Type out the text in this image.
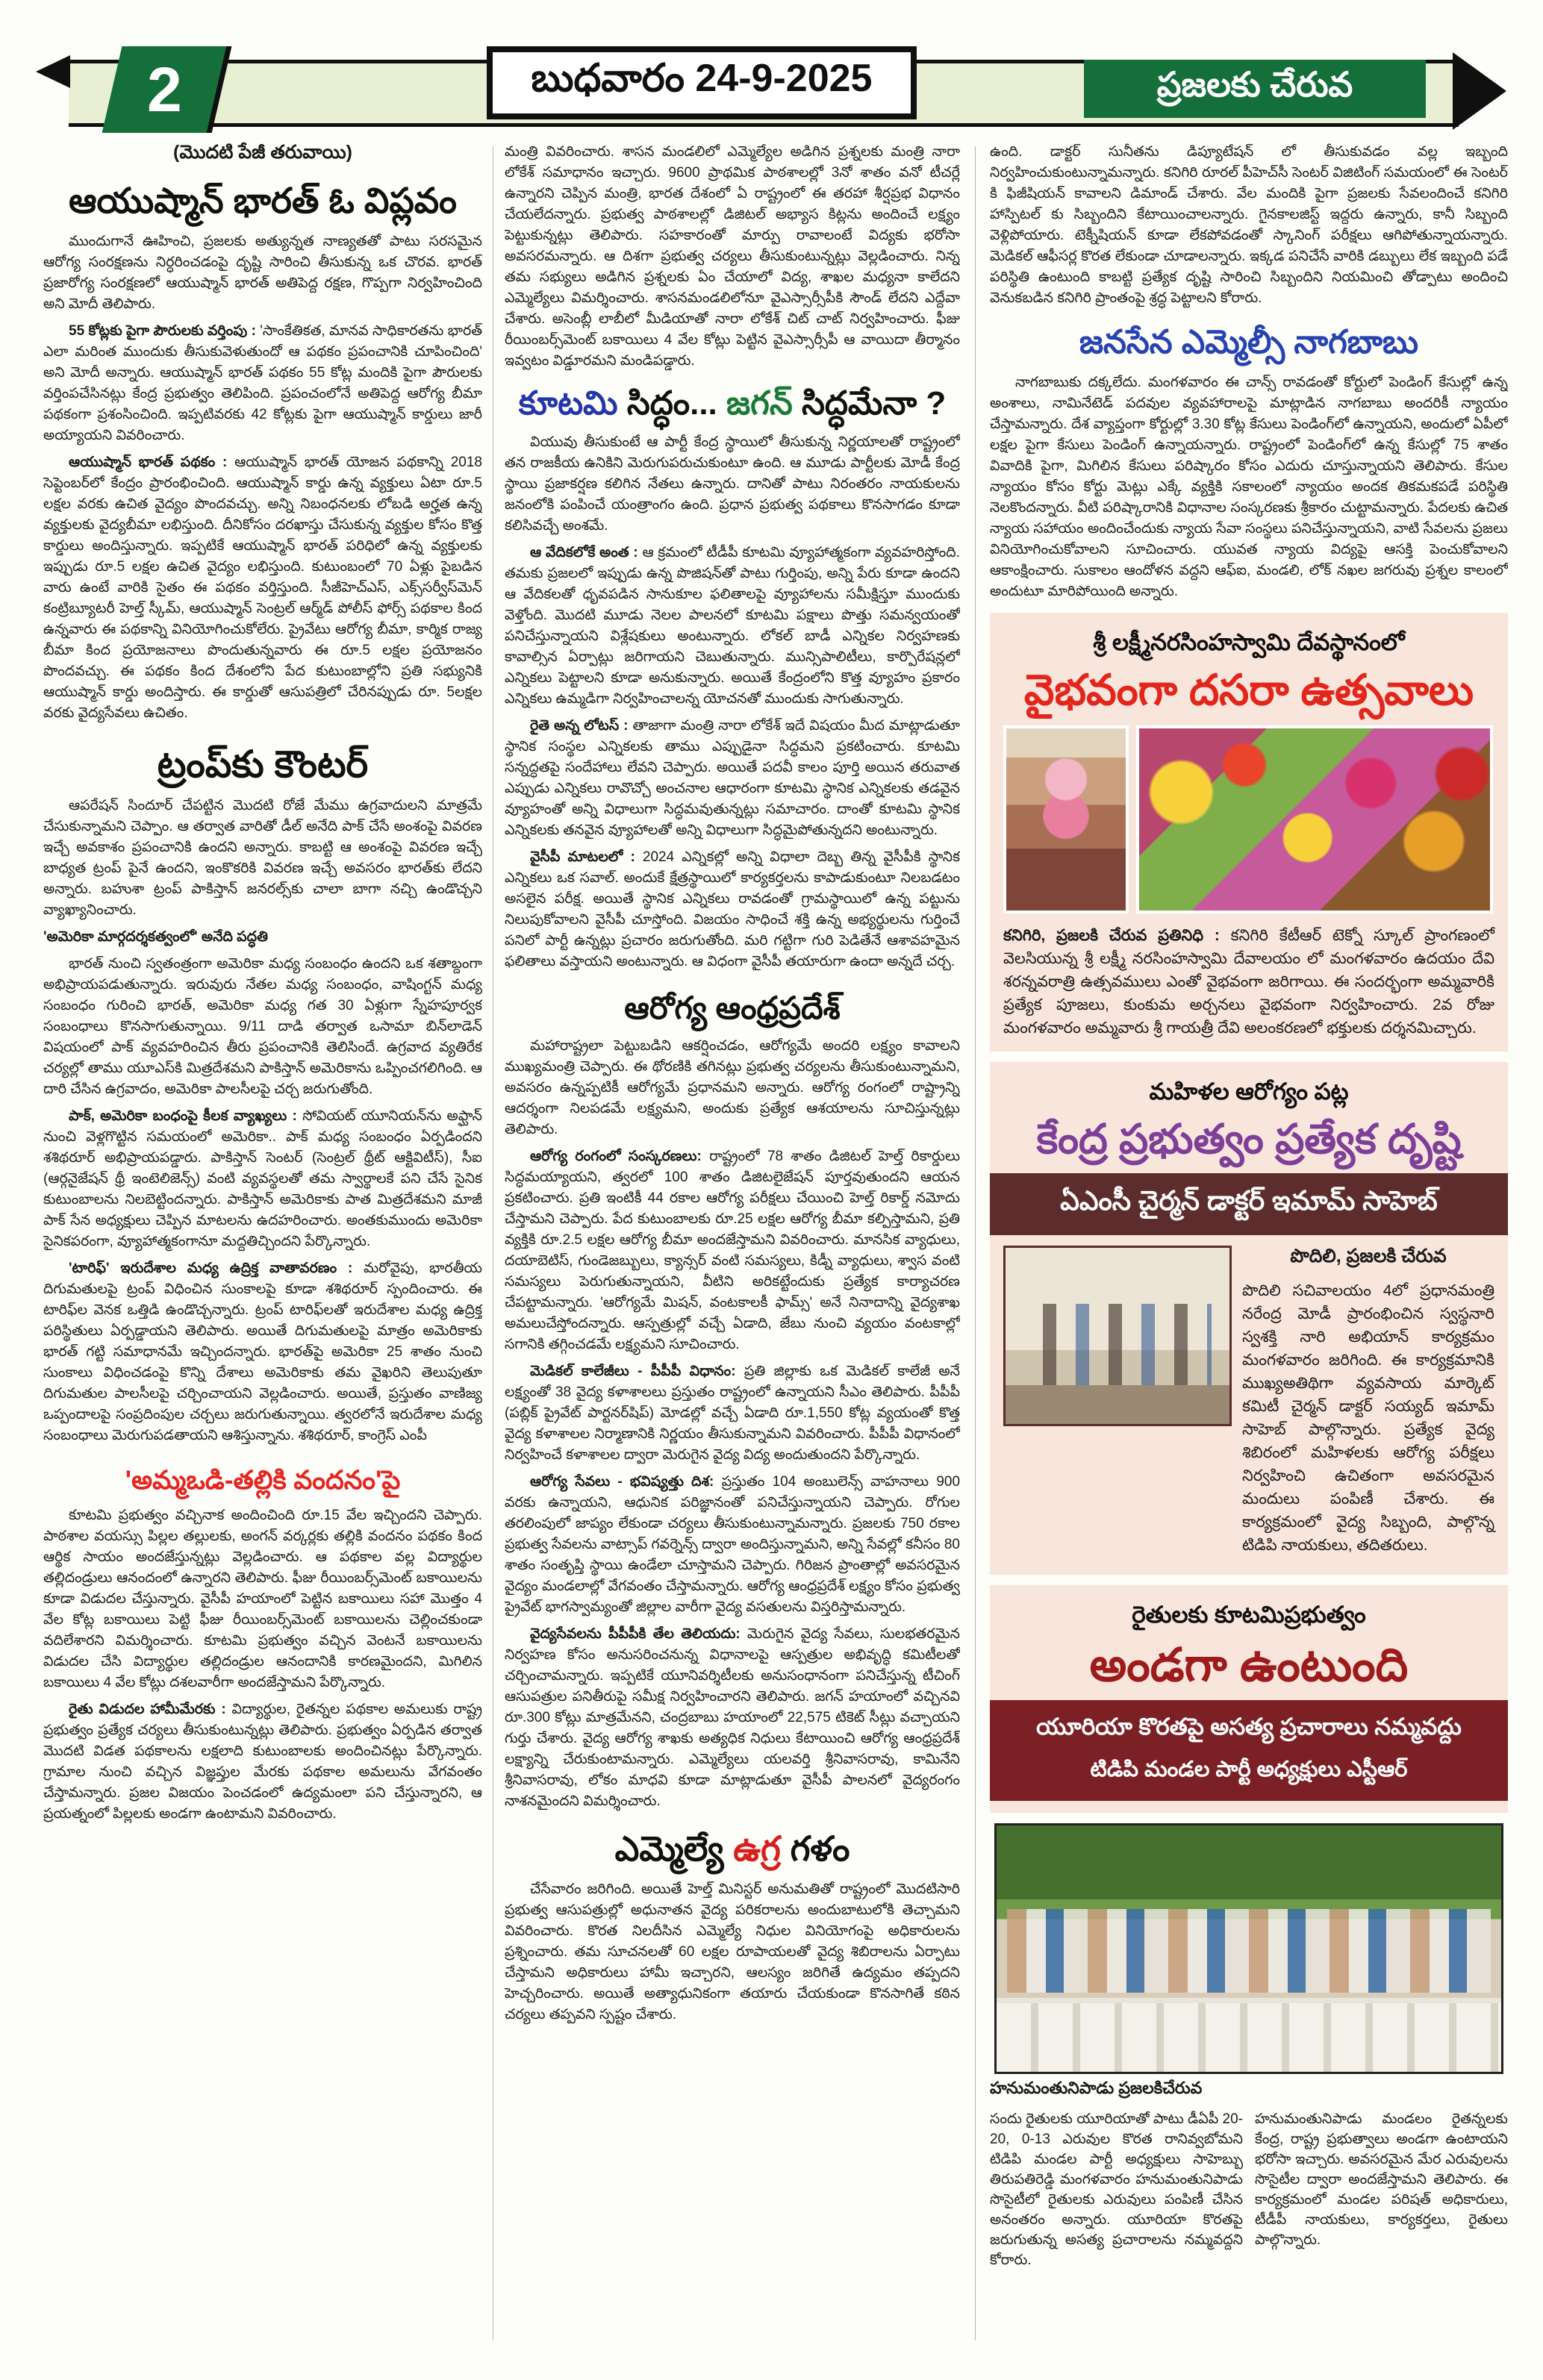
2	బుధవారం 24-9-2025	ప్రజలకు చేరువ

(మొదటి పేజీ తరువాయి)

ఆయుష్మాన్ భారత్ ఓ విప్లవం

ముందుగానే ఊహించి, ప్రజలకు అత్యున్నత నాణ్యతతో పాటు సరసమైన ఆరోగ్య సంరక్షణను నిర్ధరించడంపై దృష్టి సారించి తీసుకున్న ఒక చొరవ. భారత్ ప్రజారోగ్య సంరక్షణలో ఆయుష్మాన్ భారత్ అతిపెద్ద రక్షణ, గొప్పగా నిర్వహించింది అని మోదీ తెలిపారు.

55 కోట్లకు పైగా పౌరులకు వర్తింపు : 'సాంకేతికత, మానవ సాధికారతను భారత్ ఎలా మరింత ముందుకు తీసుకువెళుతుందో ఆ పథకం ప్రపంచానికి చూపించింది' అని మోదీ అన్నారు. ఆయుష్మాన్ భారత్ పథకం 55 కోట్ల మందికి పైగా పౌరులకు వర్తింపచేసినట్లు కేంద్ర ప్రభుత్వం తెలిపింది. ప్రపంచంలోనే అతిపెద్ద ఆరోగ్య బీమా పథకంగా ప్రశంసించింది. ఇప్పటివరకు 42 కోట్లకు పైగా ఆయుష్మాన్ కార్డులు జారీ అయ్యాయని వివరించారు.

ఆయుష్మాన్ భారత్ పథకం : ఆయుష్మాన్ భారత్ యోజన పథకాన్ని 2018 సెప్టెంబర్‌లో కేంద్రం ప్రారంభించింది. ఆయుష్మాన్ కార్డు ఉన్న వ్యక్తులు ఏటా రూ.5 లక్షల వరకు ఉచిత వైద్యం పొందవచ్చు. అన్ని నిబంధనలకు లోబడి అర్హత ఉన్న వ్యక్తులకు వైద్యబీమా లభిస్తుంది. దీనికోసం దరఖాస్తు చేసుకున్న వ్యక్తుల కోసం కొత్త కార్డులు అందిస్తున్నారు. ఇప్పటికే ఆయుష్మాన్ భారత్ పరిధిలో ఉన్న వ్యక్తులకు ఇప్పుడు రూ.5 లక్షల ఉచిత వైద్యం లభిస్తుంది. కుటుంబంలో 70 ఏళ్లు పైబడిన వారు ఉంటే వారికి సైతం ఈ పథకం వర్తిస్తుంది. సీజీహెచ్‌ఎస్, ఎక్స్‌సర్వీస్‌మెన్ కంట్రిబ్యూటరీ హెల్త్ స్కీమ్, ఆయుష్మాన్ సెంట్రల్ ఆర్మ్‌డ్ పోలీస్ ఫోర్స్ పథకాల కింద ఉన్నవారు ఈ పథకాన్ని వినియోగించుకోలేరు. ప్రైవేటు ఆరోగ్య బీమా, కార్మిక రాజ్య బీమా కింద ప్రయోజనాలు పొందుతున్నవారు ఈ రూ.5 లక్షల ప్రయోజనం పొందవచ్చు. ఈ పథకం కింద దేశంలోని పేద కుటుంబాల్లోని ప్రతి సభ్యునికి ఆయుష్మాన్ కార్డు అందిస్తారు. ఈ కార్డుతో ఆసుపత్రిలో చేరినప్పుడు రూ. 5లక్షల వరకు వైద్యసేవలు ఉచితం.

ట్రంప్‌కు కౌంటర్

ఆపరేషన్ సిందూర్ చేపట్టిన మొదటి రోజే మేము ఉగ్రవాదులని మాత్రమే చేసుకున్నామని చెప్పాం. ఆ తర్వాత వారితో డీల్ అనేది పాక్ చేసే అంశంపై వివరణ ఇచ్చే అవకాశం ప్రపంచానికి ఉందని అన్నారు. కాబట్టి ఆ అంశంపై వివరణ ఇచ్చే బాధ్యత ట్రంప్ పైనే ఉందని, ఇంకొకరికి వివరణ ఇచ్చే అవసరం భారత్‌కు లేదని అన్నారు. బహుశా ట్రంప్ పాకిస్తాన్ జనరల్స్‌కు చాలా బాగా నచ్చి ఉండొచ్చని వ్యాఖ్యానించారు.

'అమెరికా మార్గదర్శకత్వంలో' అనేది పద్ధతి

భారత్ నుంచి స్వతంత్రంగా అమెరికా మధ్య సంబంధం ఉందని ఒక శతాబ్దంగా అభిప్రాయపడుతున్నారు. ఇరువురు నేతల మధ్య సంబంధం, వాషింగ్టన్ మధ్య సంబంధం గురించి భారత్, అమెరికా మధ్య గత 30 ఏళ్లుగా స్నేహపూర్వక సంబంధాలు కొనసాగుతున్నాయి. 9/11 దాడి తర్వాత ఒసామా బిన్‌లాడెన్ విషయంలో పాక్ వ్యవహరించిన తీరు ప్రపంచానికి తెలిసిందే. ఉగ్రవాద వ్యతిరేక చర్యల్లో తాము యూఎస్‌కి మిత్రదేశమని పాకిస్తాన్ అమెరికాను ఒప్పించగలిగింది. ఆ దారి చేసిన ఉగ్రవాదం, అమెరికా పాలసీలపై చర్చ జరుగుతోంది.

పాక్, అమెరికా బంధంపై కీలక వ్యాఖ్యలు : సోవియట్ యూనియన్‌ను అఫ్ఘాన్ నుంచి వెళ్లగొట్టిన సమయంలో అమెరికా.. పాక్ మధ్య సంబంధం ఏర్పడిందని శశిథరూర్ అభిప్రాయపడ్డారు. పాకిస్తాన్ సెంటర్ (సెంట్రల్ థ్రీట్ ఆక్టివిటీస్), సీఐ (ఆర్గనైజేషన్ థ్రీ ఇంటెలిజెన్స్) వంటి వ్యవస్థలతో తమ స్వార్థాలకే పని చేసే సైనిక కుటుంబాలను నిలబెట్టిందన్నారు. పాకిస్తాన్ అమెరికాకు పాత మిత్రదేశమని మాజీ పాక్ సేన అధ్యక్షులు చెప్పిన మాటలను ఉదహరించారు. అంతకుముందు అమెరికా సైనికపరంగా, వ్యూహాత్మకంగానూ మద్దతిచ్చిందని పేర్కొన్నారు.

'టారిఫ్' ఇరుదేశాల మధ్య ఉద్రిక్త వాతావరణం : మరోవైపు, భారతీయ దిగుమతులపై ట్రంప్ విధించిన సుంకాలపై కూడా శశిథరూర్ స్పందించారు. ఈ టారిఫ్‌ల వెనక ఒత్తిడి ఉండొచ్చన్నారు. ట్రంప్ టారిఫ్‌లతో ఇరుదేశాల మధ్య ఉద్రిక్త పరిస్థితులు ఏర్పడ్డాయని తెలిపారు. అయితే దిగుమతులపై మాత్రం అమెరికాకు భారత్ గట్టి సమాధానమే ఇచ్చిందన్నారు. భారత్‌పై అమెరికా 25 శాతం నుంచి సుంకాలు విధించడంపై కొన్ని దేశాలు అమెరికాకు తమ వైఖరిని తెలుపుతూ దిగుమతుల పాలసీలపై చర్చించాయని వెల్లడించారు. అయితే, ప్రస్తుతం వాణిజ్య ఒప్పందాలపై సంప్రదింపుల చర్చలు జరుగుతున్నాయి. త్వరలోనే ఇరుదేశాల మధ్య సంబంధాలు మెరుగుపడతాయని ఆశిస్తున్నాను. శశిథరూర్, కాంగ్రెస్ ఎంపీ

'అమ్మఒడి-తల్లికి వందనం'పై

కూటమి ప్రభుత్వం వచ్చినాక అందించింది రూ.15 వేల ఇచ్చిందని చెప్పారు. పాఠశాల వయస్సు పిల్లల తల్లులకు, అంగన్ వర్కర్లకు తల్లికి వందనం పథకం కింద ఆర్థిక సాయం అందజేస్తున్నట్లు వెల్లడించారు. ఆ పథకాల వల్ల విద్యార్థుల తల్లిదండ్రులు ఆనందంలో ఉన్నారని తెలిపారు. ఫీజు రీయింబర్స్‌మెంట్ బకాయిలను కూడా విడుదల చేస్తున్నారు. వైసీపీ హయాంలో పెట్టిన బకాయిలు సహా మొత్తం 4 వేల కోట్ల బకాయిలు పెట్టి ఫీజు రీయింబర్స్‌మెంట్ బకాయిలను చెల్లించకుండా వదిలేశారని విమర్శించారు. కూటమి ప్రభుత్వం వచ్చిన వెంటనే బకాయిలను విడుదల చేసి విద్యార్థుల తల్లిదండ్రుల ఆనందానికి కారణమైందని, మిగిలిన బకాయిలు 4 వేల కోట్లు దశలవారీగా అందజేస్తామని పేర్కొన్నారు.

రైతు విడుదల హామీమేరకు : విద్యార్థుల, రైతన్నల పథకాల అమలుకు రాష్ట్ర ప్రభుత్వం ప్రత్యేక చర్యలు తీసుకుంటున్నట్లు తెలిపారు. ప్రభుత్వం ఏర్పడిన తర్వాత మొదటి విడత పథకాలను లక్షలాది కుటుంబాలకు అందించినట్లు పేర్కొన్నారు. గ్రామాల నుంచి వచ్చిన విజ్ఞప్తుల మేరకు పథకాల అమలును వేగవంతం చేస్తామన్నారు. ప్రజల విజయం పెంచడంలో ఉద్యమంలా పని చేస్తున్నారని, ఆ ప్రయత్నంలో పిల్లలకు అండగా ఉంటామని వివరించారు.

మంత్రి వివరించారు. శాసన మండలిలో ఎమ్మెల్యేల అడిగిన ప్రశ్నలకు మంత్రి నారా లోకేశ్ సమాధానం ఇచ్చారు. 9600 ప్రాథమిక పాఠశాలల్లో 3నో శాతం వనో టీచర్లే ఉన్నారని చెప్పిన మంత్రి, భారత దేశంలో ఏ రాష్ట్రంలో ఈ తరహా శీర్షప్రభ విధానం చేయలేదన్నారు. ప్రభుత్వ పాఠశాలల్లో డిజిటల్ అభ్యాస కిట్లను అందించే లక్ష్యం పెట్టుకున్నట్లు తెలిపారు. సహకారంతో మార్పు రావాలంటే విద్యకు భరోసా అవసరమన్నారు. ఆ దిశగా ప్రభుత్వ చర్యలు తీసుకుంటున్నట్లు వెల్లడించారు. నిన్న తమ సభ్యులు అడిగిన ప్రశ్నలకు ఏం చేయాలో విద్య, శాఖల మధ్యనా కాలేదని ఎమ్మెల్యేలు విమర్శించారు. శాసనమండలిలోనూ వైఎస్సార్సీపీకి సౌండ్ లేదని ఎద్దేవా చేశారు. అసెంబ్లీ లాబీలో మీడియాతో నారా లోకేశ్ చిట్ చాట్ నిర్వహించారు. ఫీజు రీయింబర్స్‌మెంట్ బకాయిలు 4 వేల కోట్లు పెట్టిన వైఎస్సార్సీపీ ఆ వాయిదా తీర్మానం ఇవ్వటం విడ్డూరమని మండిపడ్డారు.

కూటమి సిద్ధం... జగన్ సిద్ధమేనా ?

వియువు తీసుకుంటే ఆ పార్టీ కేంద్ర స్థాయిలో తీసుకున్న నిర్ణయాలతో రాష్ట్రంలో తన రాజకీయ ఉనికిని మెరుగుపరుచుకుంటూ ఉంది. ఆ మూడు పార్టీలకు మోడీ కేంద్ర స్థాయి ప్రజాకర్షణ కలిగిన నేతలు ఉన్నారు. దానితో పాటు నిరంతరం నాయకులను జనంలోకి పంపించే యంత్రాంగం ఉంది. ప్రధాన ప్రభుత్వ పథకాలు కొనసాగడం కూడా కలిసివచ్చే అంశమే.

ఆ వేదికలోకే అంత : ఆ క్రమంలో టీడీపీ కూటమి వ్యూహాత్మకంగా వ్యవహరిస్తోంది. తమకు ప్రజలలో ఇప్పుడు ఉన్న పొజిషన్‌తో పాటు గుర్తింపు, అన్ని పేరు కూడా ఉందని ఆ వేదికలతో ధృవపడిన సానుకూల ఫలితాలపై వ్యూహాలను సమీక్షిస్తూ ముందుకు వెళ్తోంది. మొదటి మూడు నెలల పాలనలో కూటమి పక్షాలు పొత్తు సమన్వయంతో పనిచేస్తున్నాయని విశ్లేషకులు అంటున్నారు. లోకల్ బాడీ ఎన్నికల నిర్వహణకు కావాల్సిన ఏర్పాట్లు జరిగాయని చెబుతున్నారు. మున్సిపాలిటీలు, కార్పొరేషన్లలో ఎన్నికలు పెట్టాలని కూడా అనుకున్నారు. అయితే కేంద్రంలోని కొత్త వ్యూహం ప్రకారం ఎన్నికలు ఉమ్మడిగా నిర్వహించాలన్న యోచనతో ముందుకు సాగుతున్నారు.

రైతె అన్న లోటస్ : తాజాగా మంత్రి నారా లోకేశ్ ఇదే విషయం మీద మాట్లాడుతూ స్థానిక సంస్థల ఎన్నికలకు తాము ఎప్పుడైనా సిద్ధమని ప్రకటించారు. కూటమి సన్నద్ధతపై సందేహాలు లేవని చెప్పారు. అయితే పదవీ కాలం పూర్తి అయిన తరువాత ఎప్పుడు ఎన్నికలు రావొచ్చో అంచనాల ఆధారంగా కూటమి స్థానిక ఎన్నికలకు తడవైన వ్యూహంతో అన్ని విధాలుగా సిద్ధమవుతున్నట్లు సమాచారం. దాంతో కూటమి స్థానిక ఎన్నికలకు తనవైన వ్యూహాలతో అన్ని విధాలుగా సిద్ధమైపోతున్నదని అంటున్నారు.

వైసీపీ మాటలలో : 2024 ఎన్నికల్లో అన్ని విధాలా దెబ్బ తిన్న వైసీపీకి స్థానిక ఎన్నికలు ఒక సవాల్. అందుకే క్షేత్రస్థాయిలో కార్యకర్తలను కాపాడుకుంటూ నిలబడటం అసలైన పరీక్ష. అయితే స్థానిక ఎన్నికలు రావడంతో గ్రామస్థాయిలో ఉన్న పట్టును నిలుపుకోవాలని వైసీపీ చూస్తోంది. విజయం సాధించే శక్తి ఉన్న అభ్యర్థులను గుర్తించే పనిలో పార్టీ ఉన్నట్లు ప్రచారం జరుగుతోంది. మరి గట్టిగా గురి పెడితేనే ఆశావహమైన ఫలితాలు వస్తాయని అంటున్నారు. ఆ విధంగా వైసీపీ తయారుగా ఉందా అన్నదే చర్చ.

ఆరోగ్య ఆంధ్రప్రదేశ్

మహారాష్ట్రలా పెట్టుబడిని ఆకర్షించడం, ఆరోగ్యమే అందరి లక్ష్యం కావాలని ముఖ్యమంత్రి చెప్పారు. ఈ థోరణికి తగినట్లు ప్రభుత్వ చర్యలను తీసుకుంటున్నామని, అవసరం ఉన్నప్పటికీ ఆరోగ్యమే ప్రధానమని అన్నారు. ఆరోగ్య రంగంలో రాష్ట్రాన్ని ఆదర్శంగా నిలపడమే లక్ష్యమని, అందుకు ప్రత్యేక ఆశయాలను సూచిస్తున్నట్లు తెలిపారు.

ఆరోగ్య రంగంలో సంస్కరణలు: రాష్ట్రంలో 78 శాతం డిజిటల్ హెల్త్ రికార్డులు సిద్ధమయ్యాయని, త్వరలో 100 శాతం డిజిటలైజేషన్ పూర్తవుతుందని ఆయన ప్రకటించారు. ప్రతి ఇంటికీ 44 రకాల ఆరోగ్య పరీక్షలు చేయించి హెల్త్ రికార్డ్ నమోదు చేస్తామని చెప్పారు. పేద కుటుంబాలకు రూ.25 లక్షల ఆరోగ్య బీమా కల్పిస్తామని, ప్రతి వ్యక్తికి రూ.2.5 లక్షల ఆరోగ్య బీమా అందజేస్తామని వివరించారు. మానసిక వ్యాధులు, దయాబెటిస్, గుండెజబ్బులు, క్యాన్సర్ వంటి సమస్యలు, కిడ్నీ వ్యాధులు, శ్వాస వంటి సమస్యలు పెరుగుతున్నాయని, వీటిని అరికట్టేందుకు ప్రత్యేక కార్యాచరణ చేపట్టామన్నారు. 'ఆరోగ్యమే మిషన్, వంటకాలకీ ఫామ్స్' అనే నినాదాన్ని వైద్యశాఖ అమలుచేస్తోందన్నారు. ఆస్పత్రుల్లో వచ్చే ఏడాది, జేబు నుంచి వ్యయం వంటకాల్లో సగానికి తగ్గించడమే లక్ష్యమని సూచించారు.

మెడికల్ కాలేజీలు - పీపీపీ విధానం: ప్రతి జిల్లాకు ఒక మెడికల్ కాలేజీ అనే లక్ష్యంతో 38 వైద్య కళాశాలలు ప్రస్తుతం రాష్ట్రంలో ఉన్నాయని సీఎం తెలిపారు. పీపీపీ (పబ్లిక్ ప్రైవేట్ పార్టనర్‌షిప్) మోడల్లో వచ్చే ఏడాది రూ.1,550 కోట్ల వ్యయంతో కొత్త వైద్య కళాశాలల నిర్మాణానికి నిర్ణయం తీసుకున్నామని వివరించారు. పీపీపీ విధానంలో నిర్వహించే కళాశాలల ద్వారా మెరుగైన వైద్య విద్య అందుతుందని పేర్కొన్నారు.

ఆరోగ్య సేవలు - భవిష్యత్తు దిశ: ప్రస్తుతం 104 అంబులెన్స్ వాహనాలు 900 వరకు ఉన్నాయని, ఆధునిక పరిజ్ఞానంతో పనిచేస్తున్నాయని చెప్పారు. రోగుల తరలింపులో జాప్యం లేకుండా చర్యలు తీసుకుంటున్నామన్నారు. ప్రజలకు 750 రకాల ప్రభుత్వ సేవలను వాట్సాప్ గవర్నెన్స్ ద్వారా అందిస్తున్నామని, అన్ని సేవల్లో కనీసం 80 శాతం సంతృప్తి స్థాయి ఉండేలా చూస్తామని చెప్పారు. గిరిజన ప్రాంతాల్లో అవసరమైన వైద్యం మండలాల్లో వేగవంతం చేస్తామన్నారు. ఆరోగ్య ఆంధ్రప్రదేశ్ లక్ష్యం కోసం ప్రభుత్వ ప్రైవేట్ భాగస్వామ్యంతో జిల్లాల వారీగా వైద్య వసతులను విస్తరిస్తామన్నారు.

వైద్యసేవలను పీపీపీకి తేల తెలియదు: మెరుగైన వైద్య సేవలు, సులభతరమైన నిర్వహణ కోసం అనుసరించనున్న విధానాలపై ఆస్పత్రుల అభివృద్ధి కమిటీలతో చర్చించామన్నారు. ఇప్పటికే యూనివర్శిటీలకు అనుసంధానంగా పనిచేస్తున్న టీచింగ్ ఆసుపత్రుల పనితీరుపై సమీక్ష నిర్వహించారని తెలిపారు. జగన్ హయాంలో వచ్చినవి రూ.300 కోట్లు మాత్రమేనని, చంద్రబాబు హయాంలో 22,575 టికెట్ సీట్లు వచ్చాయని గుర్తు చేశారు. వైద్య ఆరోగ్య శాఖకు అత్యధిక నిధులు కేటాయించి ఆరోగ్య ఆంధ్రప్రదేశ్ లక్ష్యాన్ని చేరుకుంటామన్నారు. ఎమ్మెల్యేలు యలవర్తి శ్రీనివాసరావు, కామినేని శ్రీనివాసరావు, లోకం మాధవి కూడా మాట్లాడుతూ వైసీపీ పాలనలో వైద్యరంగం నాశనమైందని విమర్శించారు.

ఎమ్మెల్యే ఉగ్ర గళం

చేసేవారం జరిగింది. అయితే హెల్త్ మినిస్టర్ అనుమతితో రాష్ట్రంలో మొదటిసారి ప్రభుత్వ ఆసుపత్రుల్లో అధునాతన వైద్య పరికరాలను అందుబాటులోకి తెచ్చామని వివరించారు. కొరత నిలదీసిన ఎమ్మెల్యే నిధుల వినియోగంపై అధికారులను ప్రశ్నించారు. తమ సూచనలతో 60 లక్షల రూపాయలతో వైద్య శిబిరాలను ఏర్పాటు చేస్తామని అధికారులు హామీ ఇచ్చారని, ఆలస్యం జరిగితే ఉద్యమం తప్పదని హెచ్చరించారు. అయితే అత్యాధునికంగా తయారు చేయకుండా కొనసాగితే కఠిన చర్యలు తప్పవని స్పష్టం చేశారు.

ఉంది. డాక్టర్ సునీతను డిప్యూటేషన్ లో తీసుకువడం వల్ల ఇబ్బంది నిర్వహించుకుంటున్నామన్నారు. కనిగిరి రూరల్ పీహెచ్‌సీ సెంటర్ విజిటింగ్ సమయంలో ఈ సెంటర్ కి ఫిజీషియన్ కావాలని డిమాండ్ చేశారు. వేల మందికి పైగా ప్రజలకు సేవలందించే కనిగిరి హాస్పిటల్ కు సిబ్బందిని కేటాయించాలన్నారు. గైనకాలజిస్ట్ ఇద్దరు ఉన్నారు, కానీ సిబ్బంది వెళ్లిపోయారు. టెక్నీషియన్ కూడా లేకపోవడంతో స్కానింగ్ పరీక్షలు ఆగిపోతున్నాయన్నారు. మెడికల్ ఆఫీసర్ల కొరత లేకుండా చూడాలన్నారు. ఇక్కడ పనిచేసే వారికి డబ్బులు లేక ఇబ్బంది పడే పరిస్థితి ఉంటుంది కాబట్టి ప్రత్యేక దృష్టి సారించి సిబ్బందిని నియమించి తోడ్పాటు అందించి వెనుకబడిన కనిగిరి ప్రాంతంపై శ్రద్ధ పెట్టాలని కోరారు.

జనసేన ఎమ్మెల్సీ నాగబాబు

నాగబాబుకు దక్కలేదు. మంగళవారం ఈ చాన్స్ రావడంతో కోర్టులో పెండింగ్ కేసుల్లో ఉన్న అంశాలు, నామినేటెడ్ పదవుల వ్యవహారాలపై మాట్లాడిన నాగబాబు అందరికీ న్యాయం చేస్తామన్నారు. దేశ వ్యాప్తంగా కోర్టుల్లో 3.30 కోట్ల కేసులు పెండింగ్‌లో ఉన్నాయని, అందులో ఏపీలో లక్షల పైగా కేసులు పెండింగ్ ఉన్నాయన్నారు. రాష్ట్రంలో పెండింగ్‌లో ఉన్న కేసుల్లో 75 శాతం వివాదికి పైగా, మిగిలిన కేసులు పరిష్కారం కోసం ఎదురు చూస్తున్నాయని తెలిపారు. కేసుల న్యాయం కోసం కోర్టు మెట్లు ఎక్కే వ్యక్తికి సకాలంలో న్యాయం అందక తికమకపడే పరిస్థితి నెలకొందన్నారు. వీటి పరిష్కారానికి విధానాల సంస్కరణకు శ్రీకారం చుట్టామన్నారు. పేదలకు ఉచిత న్యాయ సహాయం అందించేందుకు న్యాయ సేవా సంస్థలు పనిచేస్తున్నాయని, వాటి సేవలను ప్రజలు వినియోగించుకోవాలని సూచించారు. యువత న్యాయ విద్యపై ఆసక్తి పెంచుకోవాలని ఆకాంక్షించారు. సుకాలం ఆందోళన వద్దని ఆఫ్ఐ, మండలి, లోక్ నఖల జగరువు ప్రశ్నల కాలంలో అందుటూ మారిపోయింది అన్నారు.

శ్రీ లక్ష్మీనరసింహస్వామి దేవస్థానంలో
వైభవంగా దసరా ఉత్సవాలు

కనిగిరి, ప్రజలకి చేరువ ప్రతినిధి : కనిగిరి కేటీఆర్ టెక్నో స్కూల్ ప్రాంగణంలో వెలసియున్న శ్రీ లక్ష్మీ నరసింహస్వామి దేవాలయం లో మంగళవారం ఉదయం దేవి శరన్నవరాత్రి ఉత్సవములు ఎంతో వైభవంగా జరిగాయి. ఈ సందర్భంగా అమ్మవారికి ప్రత్యేక పూజలు, కుంకుమ అర్చనలు వైభవంగా నిర్వహించారు. 2వ రోజు మంగళవారం అమ్మవారు శ్రీ గాయత్రీ దేవి అలంకరణలో భక్తులకు దర్శనమిచ్చారు.

మహిళల ఆరోగ్యం పట్ల
కేంద్ర ప్రభుత్వం ప్రత్యేక దృష్టి
ఏఎంసీ చైర్మన్ డాక్టర్ ఇమామ్ సాహెబ్
పొదిలి, ప్రజలకి చేరువ

పొదిలి సచివాలయం 4లో ప్రధానమంత్రి నరేంద్ర మోడీ ప్రారంభించిన స్వస్థనారి స్వశక్తి నారి అభియాన్ కార్యక్రమం మంగళవారం జరిగింది. ఈ కార్యక్రమానికి ముఖ్యఅతిథిగా వ్యవసాయ మార్కెట్ కమిటీ చైర్మన్ డాక్టర్ సయ్యద్ ఇమామ్ సాహెబ్ పాల్గొన్నారు. ప్రత్యేక వైద్య శిబిరంలో మహిళలకు ఆరోగ్య పరీక్షలు నిర్వహించి ఉచితంగా అవసరమైన మందులు పంపిణీ చేశారు. ఈ కార్యక్రమంలో వైద్య సిబ్బంది, పాల్గొన్న టిడిపి నాయకులు, తదితరులు.

రైతులకు కూటమిప్రభుత్వం
అండగా ఉంటుంది
యూరియా కొరతపై అసత్య ప్రచారాలు నమ్మవద్దు
టిడిపి మండల పార్టీ అధ్యక్షులు ఎస్టీఆర్
హనుమంతునిపాడు ప్రజలకిచేరువ

సందు రైతులకు యూరియాతో పాటు డీఏపీ 20-20, 0-13 ఎరువుల కొరత రానివ్వబోమని టిడిపి మండల పార్టీ అధ్యక్షులు సాహెబ్బు తిరుపతిరెడ్డి మంగళవారం హనుమంతునిపాడు సొసైటీలో రైతులకు ఎరువులు పంపిణీ చేసిన అనంతరం అన్నారు. యూరియా కొరతపై జరుగుతున్న అసత్య ప్రచారాలను నమ్మవద్దని కోరారు.

హనుమంతునిపాడు మండలం రైతన్నలకు కేంద్ర, రాష్ట్ర ప్రభుత్వాలు అండగా ఉంటాయని భరోసా ఇచ్చారు. అవసరమైన మేర ఎరువులను సొసైటీల ద్వారా అందజేస్తామని తెలిపారు. ఈ కార్యక్రమంలో మండల పరిషత్ అధికారులు, టీడీపీ నాయకులు, కార్యకర్తలు, రైతులు పాల్గొన్నారు.
